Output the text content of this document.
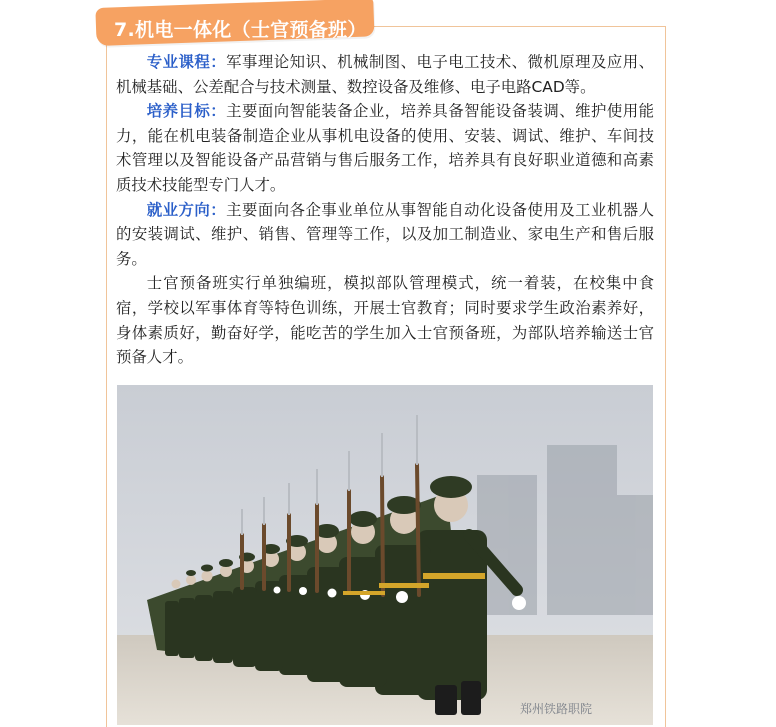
7.机电一体化（士官预备班）

专业课程：军事理论知识、机械制图、电子电工技术、微机原理及应用、机械基础、公差配合与技术测量、数控设备及维修、电子电路CAD等。

培养目标：主要面向智能装备企业，培养具备智能设备装调、维护使用能力，能在机电装备制造企业从事机电设备的使用、安装、调试、维护、车间技术管理以及智能设备产品营销与售后服务工作，培养具有良好职业道德和高素质技术技能型专门人才。

就业方向：主要面向各企事业单位从事智能自动化设备使用及工业机器人的安装调试、维护、销售、管理等工作，以及加工制造业、家电生产和售后服务。

士官预备班实行单独编班，模拟部队管理模式，统一着装，在校集中食宿，学校以军事体育等特色训练，开展士官教育；同时要求学生政治素养好，身体素质好，勤奋好学，能吃苦的学生加入士官预备班，为部队培养输送士官预备人才。

郑州铁路职院
